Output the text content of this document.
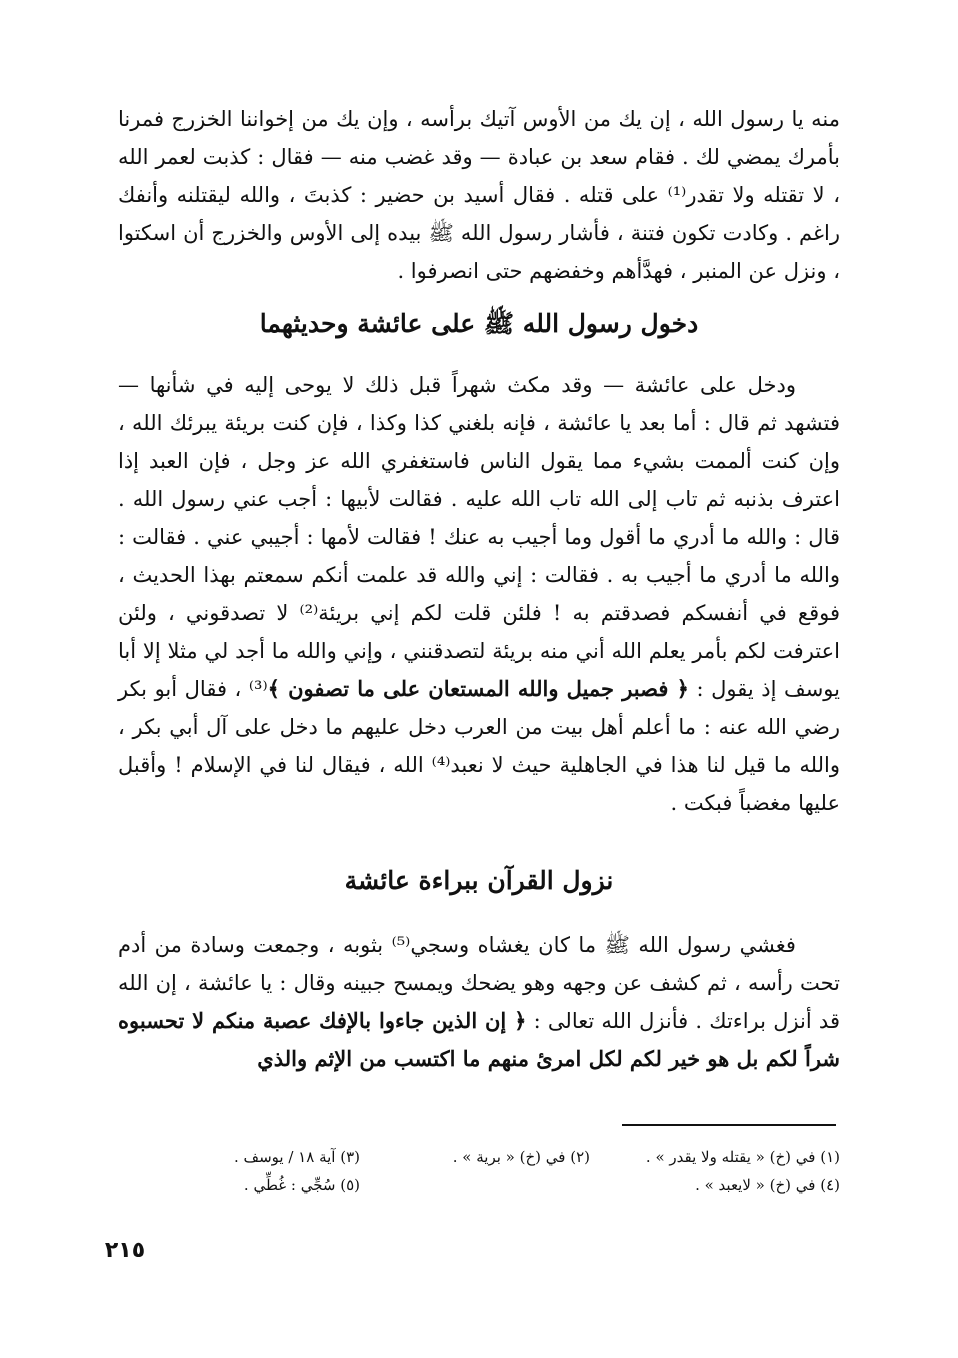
منه يا رسول الله ، إن يك من الأوس آتيك برأسه ، وإن يك من إخواننا الخزرج فمرنا بأمرك يمضي لك . فقام سعد بن عبادة — وقد غضب منه — فقال : كذبت لعمر الله ، لا تقتله ولا تقدر⁽¹⁾ على قتله . فقال أسيد بن حضير : كذبتَ ، والله ليقتلنه وأنفك راغم . وكادت تكون فتنة ، فأشار رسول الله ﷺ بيده إلى الأوس والخزرج أن اسكتوا ، ونزل عن المنبر ، فهدَّأهم وخفضهم حتى انصرفوا .

دخول رسول الله ﷺ على عائشة وحديثهما

ودخل على عائشة — وقد مكث شهراً قبل ذلك لا يوحى إليه في شأنها — فتشهد ثم قال : أما بعد يا عائشة ، فإنه بلغني كذا وكذا ، فإن كنت بريئة يبرئك الله ، وإن كنت ألممت بشيء مما يقول الناس فاستغفري الله عز وجل ، فإن العبد إذا اعترف بذنبه ثم تاب إلى الله تاب الله عليه . فقالت لأبيها : أجب عني رسول الله . قال : والله ما أدري ما أقول وما أجيب به عنك ! فقالت لأمها : أجيبي عني . فقالت : والله ما أدري ما أجيب به . فقالت : إني والله قد علمت أنكم سمعتم بهذا الحديث ، فوقع في أنفسكم فصدقتم به ! فلئن قلت لكم إني بريئة⁽²⁾ لا تصدقوني ، ولئن اعترفت لكم بأمر يعلم الله أني منه بريئة لتصدقنني ، وإني والله ما أجد لي مثلا إلا أبا يوسف إذ يقول : ﴿ فصبر جميل والله المستعان على ما تصفون ﴾⁽³⁾ ، فقال أبو بكر رضي الله عنه : ما أعلم أهل بيت من العرب دخل عليهم ما دخل على آل أبي بكر ، والله ما قيل لنا هذا في الجاهلية حيث لا نعبد⁽⁴⁾ الله ، فيقال لنا في الإسلام ! وأقبل عليها مغضباً فبكت .

نزول القرآن ببراءة عائشة

فغشي رسول الله ﷺ ما كان يغشاه وسجي⁽⁵⁾ بثوبه ، وجمعت وسادة من أدم تحت رأسه ، ثم كشف عن وجهه وهو يضحك ويمسح جبينه وقال : يا عائشة ، إن الله قد أنزل براءتك . فأنزل الله تعالى : ﴿ إن الذين جاءوا بالإفك عصبة منكم لا تحسبوه شراً لكم بل هو خير لكم لكل امرئ منهم ما اكتسب من الإثم والذي

(١) في (خ) « يقتله ولا يقدر » .
(٢) في (خ) « برية » .
(٣) آية ١٨ / يوسف .
(٤) في (خ) « لايعبد » .
(٥) سُجِّي : غُطِّي .
٢١٥
